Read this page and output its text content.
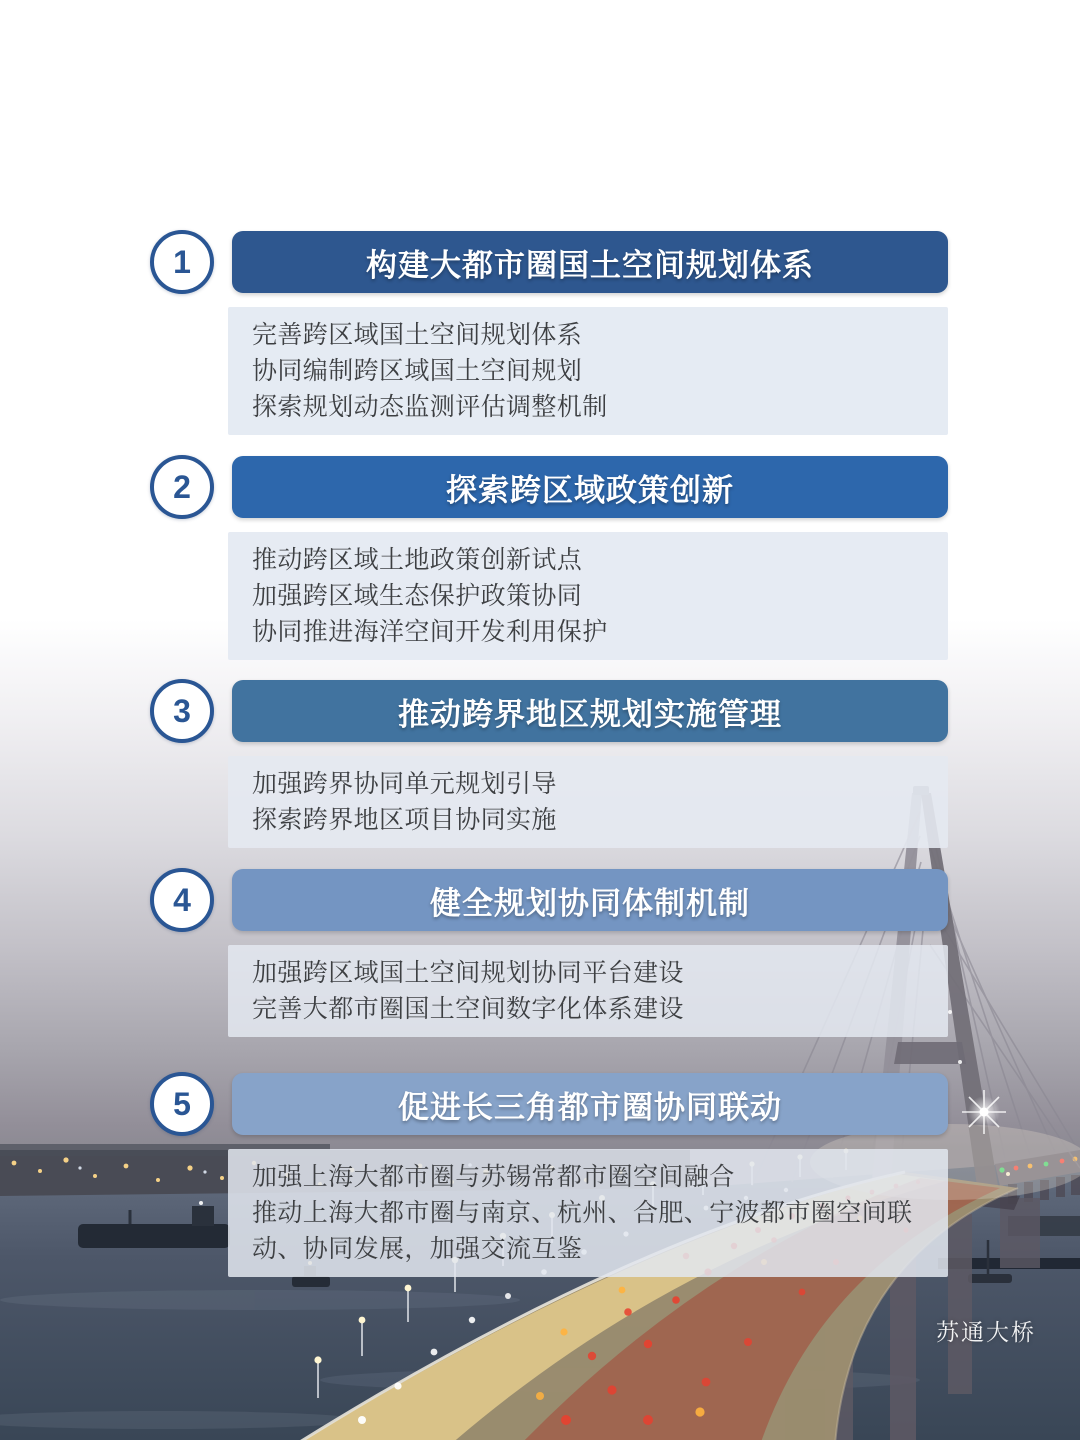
1	构建大都市圈国土空间规划体系
完善跨区域国土空间规划体系
协同编制跨区域国土空间规划
探索规划动态监测评估调整机制
2	探索跨区域政策创新
推动跨区域土地政策创新试点
加强跨区域生态保护政策协同
协同推进海洋空间开发利用保护
3	推动跨界地区规划实施管理
加强跨界协同单元规划引导
探索跨界地区项目协同实施
4	健全规划协同体制机制
加强跨区域国土空间规划协同平台建设
完善大都市圈国土空间数字化体系建设
5	促进长三角都市圈协同联动
加强上海大都市圈与苏锡常都市圈空间融合
推动上海大都市圈与南京、杭州、合肥、宁波都市圈空间联动、协同发展，加强交流互鉴
苏通大桥
